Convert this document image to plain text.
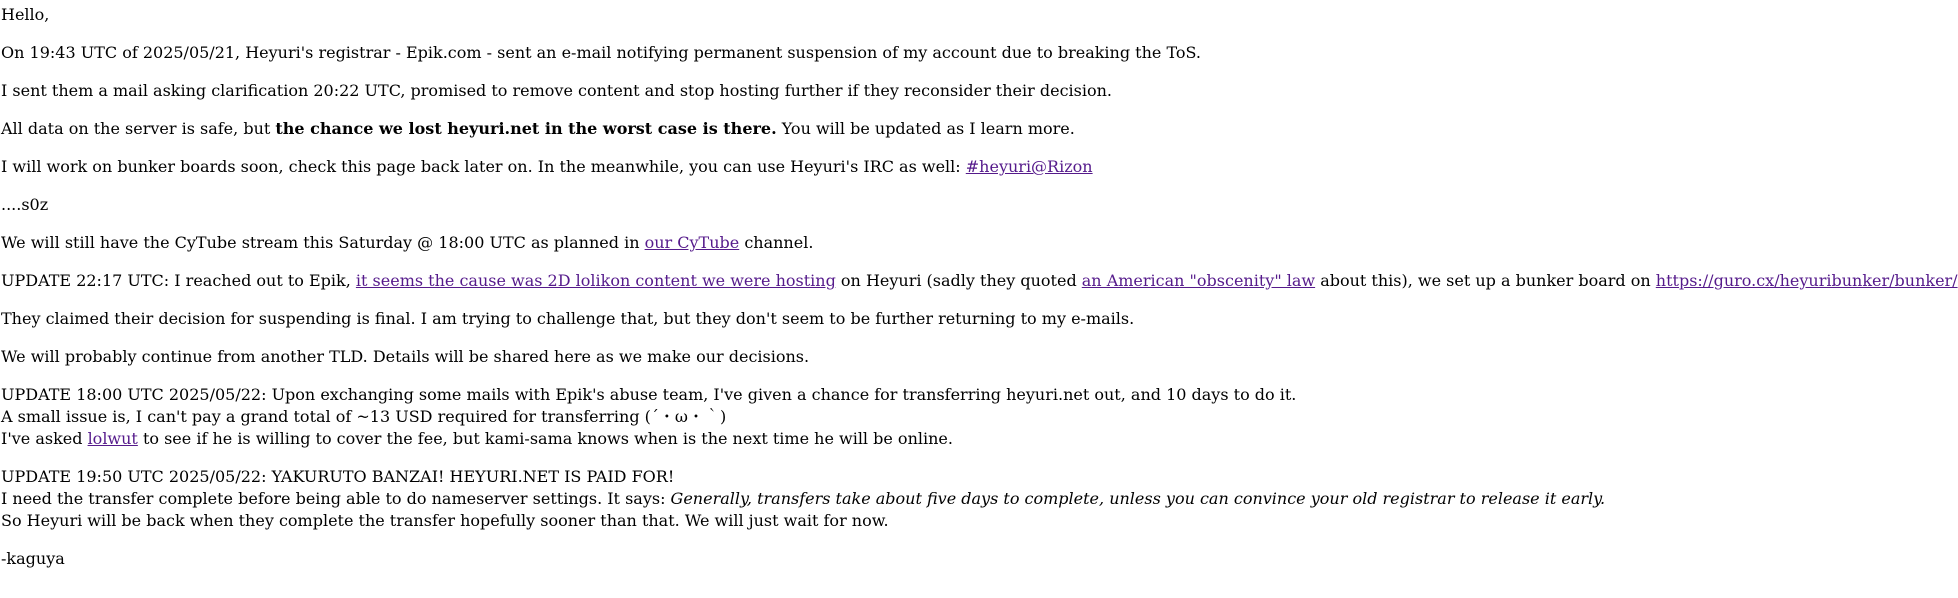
Hello,

On 19:43 UTC of 2025/05/21, Heyuri's registrar - Epik.com - sent an e-mail notifying permanent suspension of my account due to breaking the ToS.

I sent them a mail asking clarification 20:22 UTC, promised to remove content and stop hosting further if they reconsider their decision.

All data on the server is safe, but the chance we lost heyuri.net in the worst case is there. You will be updated as I learn more.

I will work on bunker boards soon, check this page back later on. In the meanwhile, you can use Heyuri's IRC as well: #heyuri@Rizon

....s0z

We will still have the CyTube stream this Saturday @ 18:00 UTC as planned in our CyTube channel.

UPDATE 22:17 UTC: I reached out to Epik, it seems the cause was 2D lolikon content we were hosting on Heyuri (sadly they quoted an American "obscenity" law about this), we set up a bunker board on https://guro.cx/heyuribunker/bunker/

They claimed their decision for suspending is final. I am trying to challenge that, but they don't seem to be further returning to my e-mails.

We will probably continue from another TLD. Details will be shared here as we make our decisions.

UPDATE 18:00 UTC 2025/05/22: Upon exchanging some mails with Epik's abuse team, I've given a chance for transferring heyuri.net out, and 10 days to do it.
A small issue is, I can't pay a grand total of ~13 USD required for transferring (´・ω・｀)
I've asked lolwut to see if he is willing to cover the fee, but kami-sama knows when is the next time he will be online.

UPDATE 19:50 UTC 2025/05/22: YAKURUTO BANZAI! HEYURI.NET IS PAID FOR!
I need the transfer complete before being able to do nameserver settings. It says: Generally, transfers take about five days to complete, unless you can convince your old registrar to release it early.
So Heyuri will be back when they complete the transfer hopefully sooner than that. We will just wait for now.

-kaguya
